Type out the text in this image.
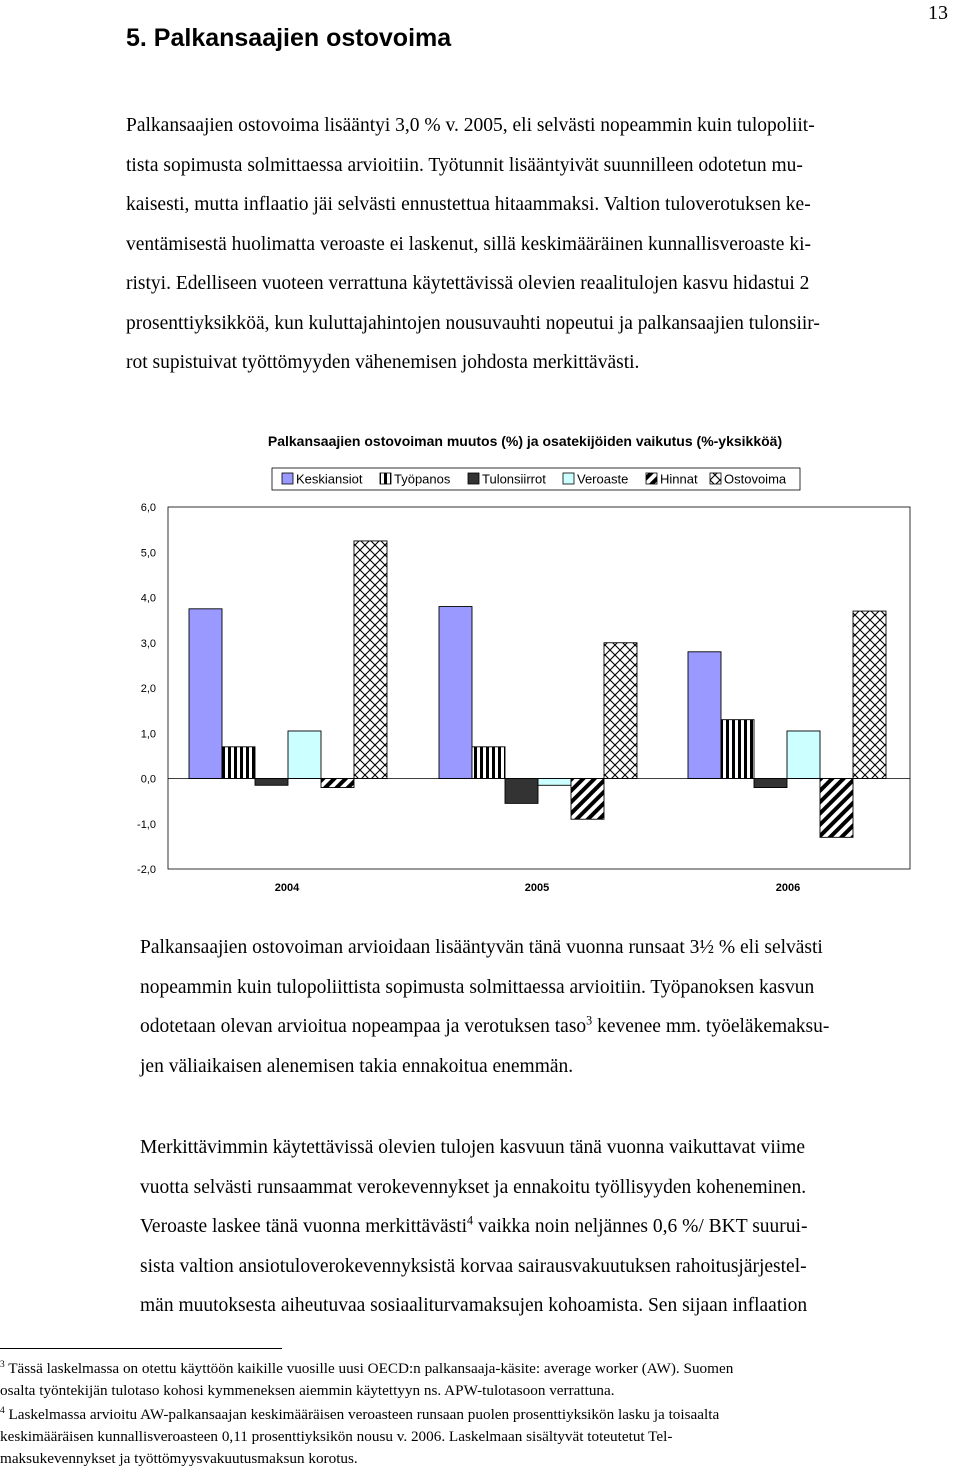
13
5. Palkansaajien ostovoima
Palkansaajien ostovoima lisääntyi 3,0 % v. 2005, eli selvästi nopeammin kuin tulopoliit-
tista sopimusta solmittaessa arvioitiin. Työtunnit lisääntyivät suunnilleen odotetun mu-
kaisesti, mutta inflaatio jäi selvästi ennustettua hitaammaksi. Valtion tuloverotuksen ke-
ventämisestä huolimatta veroaste ei laskenut, sillä keskimääräinen kunnallisveroaste ki-
ristyi. Edelliseen vuoteen verrattuna käytettävissä olevien reaalitulojen kasvu hidastui 2
prosenttiyksikköä, kun kuluttajahintojen nousuvauhti nopeutui ja palkansaajien tulonsiir-
rot supistuivat työttömyyden vähenemisen johdosta merkittävästi.
Palkansaajien ostovoiman muutos (%) ja osatekijöiden vaikutus (%-yksikköä)
Keskiansiot Työpanos Tulonsiirrot Veroaste Hinnat Ostovoima
6,0
5,0
4,0
3,0
2,0
1,0
0,0
-1,0
-2,0
2004	2005	2006
Palkansaajien ostovoiman arvioidaan lisääntyvän tänä vuonna runsaat 3½ % eli selvästi
nopeammin kuin tulopoliittista sopimusta solmittaessa arvioitiin. Työpanoksen kasvun
odotetaan olevan arvioitua nopeampaa ja verotuksen taso$^3$ kevenee mm. työeläkemaksu-
jen väliaikaisen alenemisen takia ennakoitua enemmän.
Merkittävimmin käytettävissä olevien tulojen kasvuun tänä vuonna vaikuttavat viime
vuotta selvästi runsaammat verokevennykset ja ennakoitu työllisyyden koheneminen.
Veroaste laskee tänä vuonna merkittävästi$^4$ vaikka noin neljännes 0,6 %/ BKT suurui-
sista valtion ansiotuloverokevennyksistä korvaa sairausvakuutuksen rahoitusjärjestel-
män muutoksesta aiheutuvaa sosiaaliturvamaksujen kohoamista. Sen sijaan inflaation
$^3$ Tässä laskelmassa on otettu käyttöön kaikille vuosille uusi OECD:n palkansaaja-käsite: average worker (AW). Suomen
osalta työntekijän tulotaso kohosi kymmeneksen aiemmin käytettyyn ns. APW-tulotasoon verrattuna.
$^4$ Laskelmassa arvioitu AW-palkansaajan keskimääräisen veroasteen runsaan puolen prosenttiyksikön lasku ja toisaalta
keskimääräisen kunnallisveroasteen 0,11 prosenttiyksikön nousu v. 2006. Laskelmaan sisältyvät toteutetut Tel-
maksukevennykset ja työttömyysvakuutusmaksun korotus.
